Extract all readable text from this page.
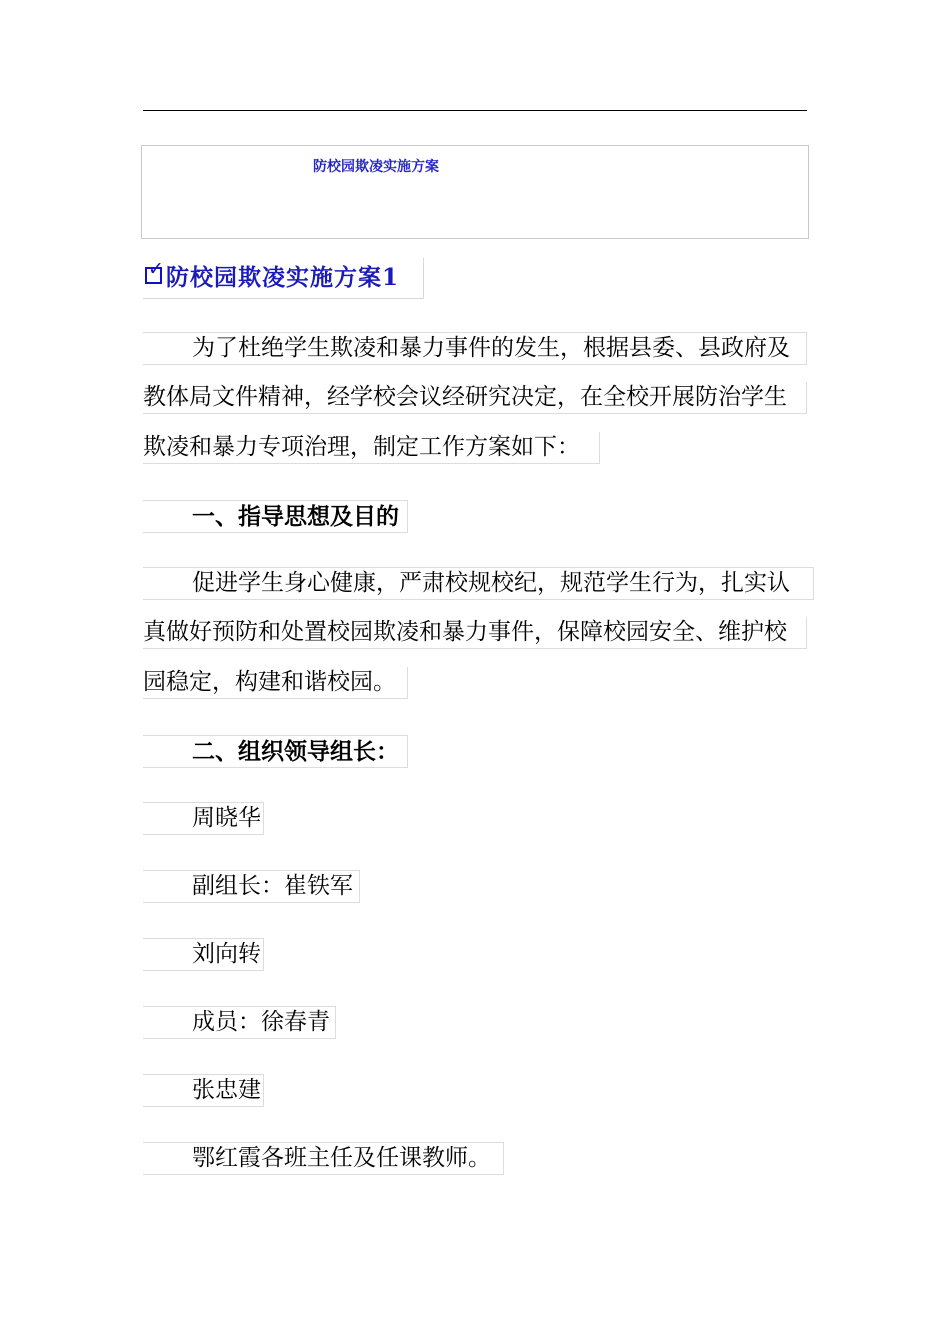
防校园欺凌实施方案
✓ 防校园欺凌实施方案1
为了杜绝学生欺凌和暴力事件的发生，根据县委、县政府及
教体局文件精神，经学校会议经研究决定，在全校开展防治学生
欺凌和暴力专项治理，制定工作方案如下：
一、指导思想及目的
促进学生身心健康，严肃校规校纪，规范学生行为，扎实认
真做好预防和处置校园欺凌和暴力事件，保障校园安全、维护校
园稳定，构建和谐校园。
二、组织领导组长：
周晓华
副组长：崔铁军
刘向转
成员：徐春青
张忠建
鄂红霞各班主任及任课教师。
